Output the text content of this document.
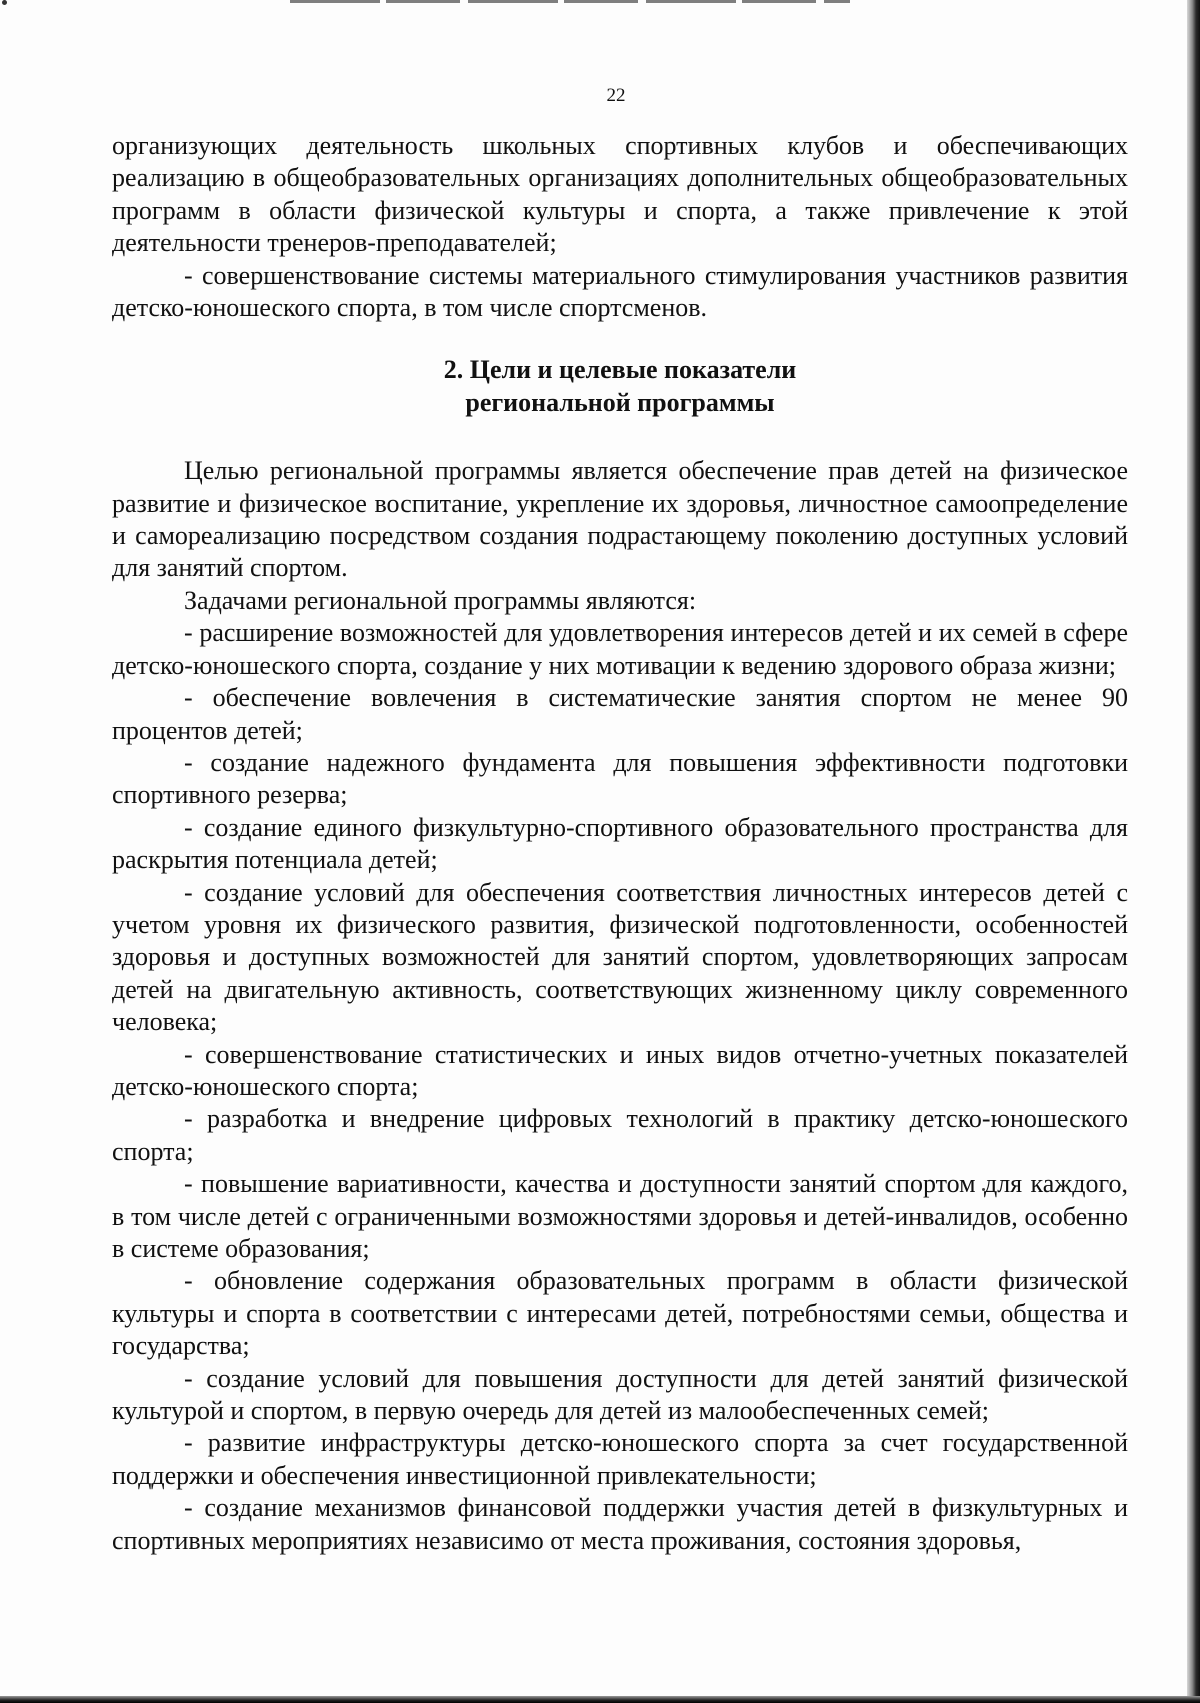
22

организующих деятельность школьных спортивных клубов и обеспечивающих реализацию в общеобразовательных организациях дополнительных общеобразовательных программ в области физической культуры и спорта, а также привлечение к этой деятельности тренеров-преподавателей;

- совершенствование системы материального стимулирования участников развития детско-юношеского спорта, в том числе спортсменов.

2. Цели и целевые показатели

региональной программы

Целью региональной программы является обеспечение прав детей на физическое развитие и физическое воспитание, укрепление их здоровья, личностное самоопределение и самореализацию посредством создания подрастающему поколению доступных условий для занятий спортом.

Задачами региональной программы являются:

- расширение возможностей для удовлетворения интересов детей и их семей в сфере детско-юношеского спорта, создание у них мотивации к ведению здорового образа жизни;

- обеспечение вовлечения в систематические занятия спортом не менее 90 процентов детей;

- создание надежного фундамента для повышения эффективности подготовки спортивного резерва;

- создание единого физкультурно-спортивного образовательного пространства для раскрытия потенциала детей;

- создание условий для обеспечения соответствия личностных интересов детей с учетом уровня их физического развития, физической подготовленности, особенностей здоровья и доступных возможностей для занятий спортом, удовлетворяющих запросам детей на двигательную активность, соответствующих жизненному циклу современного человека;

- совершенствование статистических и иных видов отчетно-учетных показателей детско-юношеского спорта;

- разработка и внедрение цифровых технологий в практику детско-юношеского спорта;

- повышение вариативности, качества и доступности занятий спортом для каждого, в том числе детей с ограниченными возможностями здоровья и детей-инвалидов, особенно в системе образования;

- обновление содержания образовательных программ в области физической культуры и спорта в соответствии с интересами детей, потребностями семьи, общества и государства;

- создание условий для повышения доступности для детей занятий физической культурой и спортом, в первую очередь для детей из малообеспеченных семей;

- развитие инфраструктуры детско-юношеского спорта за счет государственной поддержки и обеспечения инвестиционной привлекательности;

- создание механизмов финансовой поддержки участия детей в физкультурных и спортивных мероприятиях независимо от места проживания, состояния здоровья,
